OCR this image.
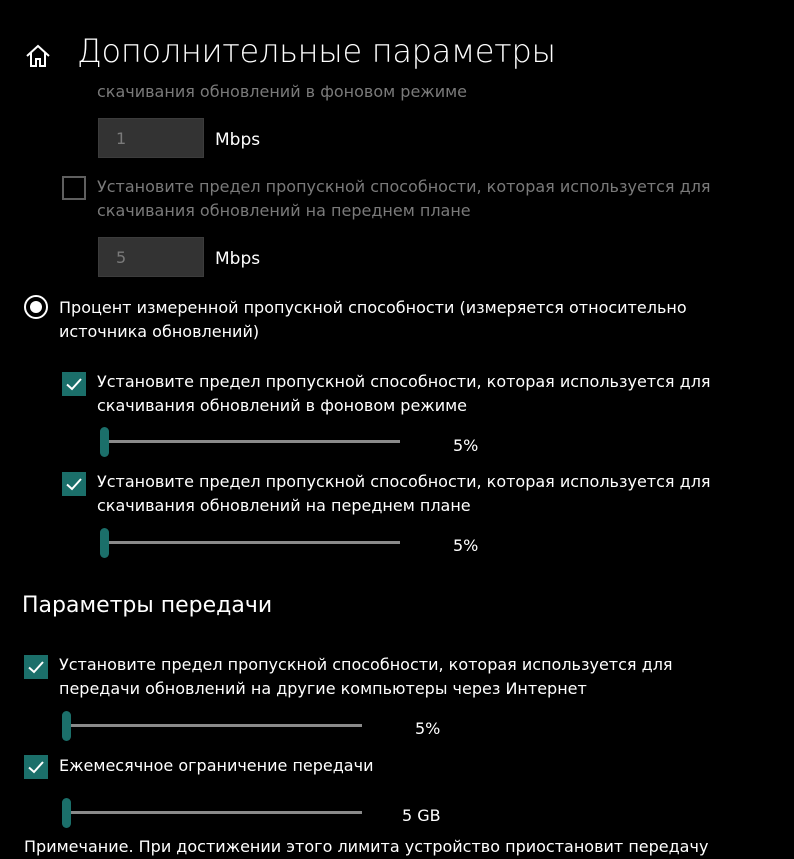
Дополнительные параметры
скачивания обновлений в фоновом режиме
1	Mbps
Установите предел пропускной способности, которая используется для
скачивания обновлений на переднем плане
5	Mbps
Процент измеренной пропускной способности (измеряется относительно
источника обновлений)
Установите предел пропускной способности, которая используется для
скачивания обновлений в фоновом режиме
5%
Установите предел пропускной способности, которая используется для
скачивания обновлений на переднем плане
5%
Параметры передачи
Установите предел пропускной способности, которая используется для
передачи обновлений на другие компьютеры через Интернет
5%
Ежемесячное ограничение передачи
5 GB
Примечание. При достижении этого лимита устройство приостановит передачу
